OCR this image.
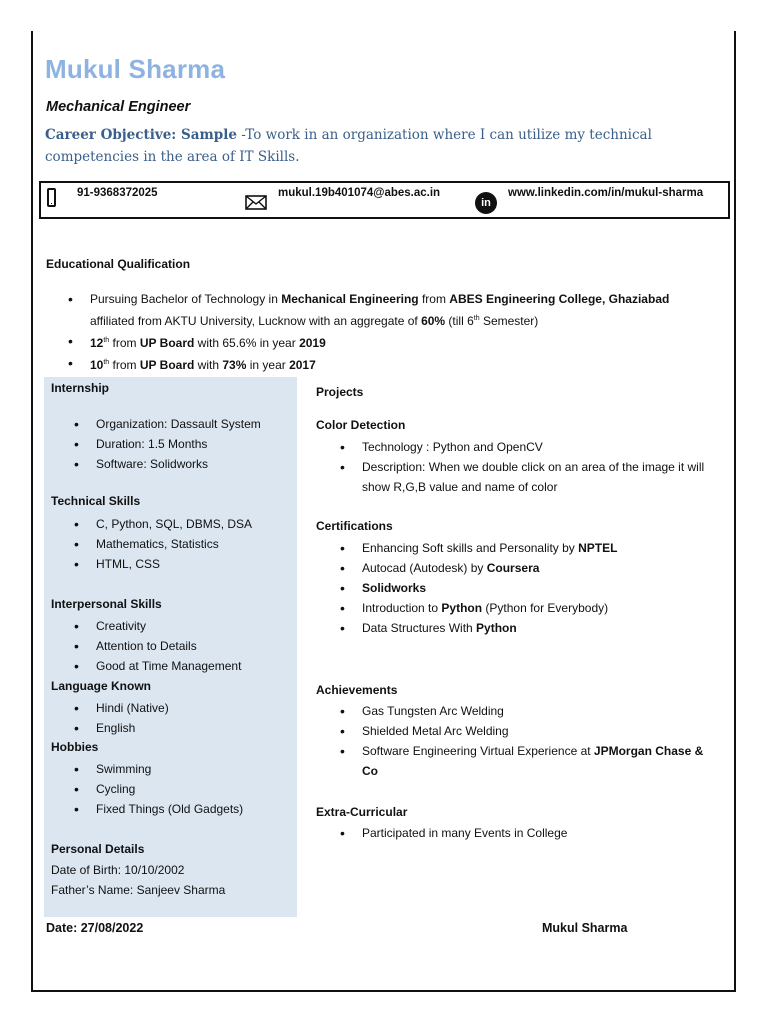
Mukul Sharma
Mechanical Engineer
Career Objective: Sample -To work in an organization where I can utilize my technical competencies in the area of IT Skills.
91-9368372025	mukul.19b401074@abes.ac.in
in
www.linkedin.com/in/mukul-sharma
Educational Qualification
• Pursuing Bachelor of Technology in Mechanical Engineering from ABES Engineering College, Ghaziabad affiliated from AKTU University, Lucknow with an aggregate of 60% (till 6th Semester)
• 12th from UP Board with 65.6% in year 2019
• 10th from UP Board with 73% in year 2017
Internship
• Organization: Dassault System
• Duration: 1.5 Months
• Software: Solidworks
Technical Skills
• C, Python, SQL, DBMS, DSA
• Mathematics, Statistics
• HTML, CSS
Interpersonal Skills
• Creativity
• Attention to Details
• Good at Time Management
Language Known
• Hindi (Native)
• English
Hobbies
• Swimming
• Cycling
• Fixed Things (Old Gadgets)
Personal Details
Date of Birth: 10/10/2002
Father’s Name: Sanjeev Sharma
Projects
Color Detection
• Technology : Python and OpenCV
• Description: When we double click on an area of the image it will show R,G,B value and name of color
Certifications
• Enhancing Soft skills and Personality by NPTEL
• Autocad (Autodesk) by Coursera
• Solidworks
• Introduction to Python (Python for Everybody)
• Data Structures With Python
Achievements
• Gas Tungsten Arc Welding
• Shielded Metal Arc Welding
• Software Engineering Virtual Experience at JPMorgan Chase & Co
Extra-Curricular
• Participated in many Events in College
Date: 27/08/2022	Mukul Sharma
